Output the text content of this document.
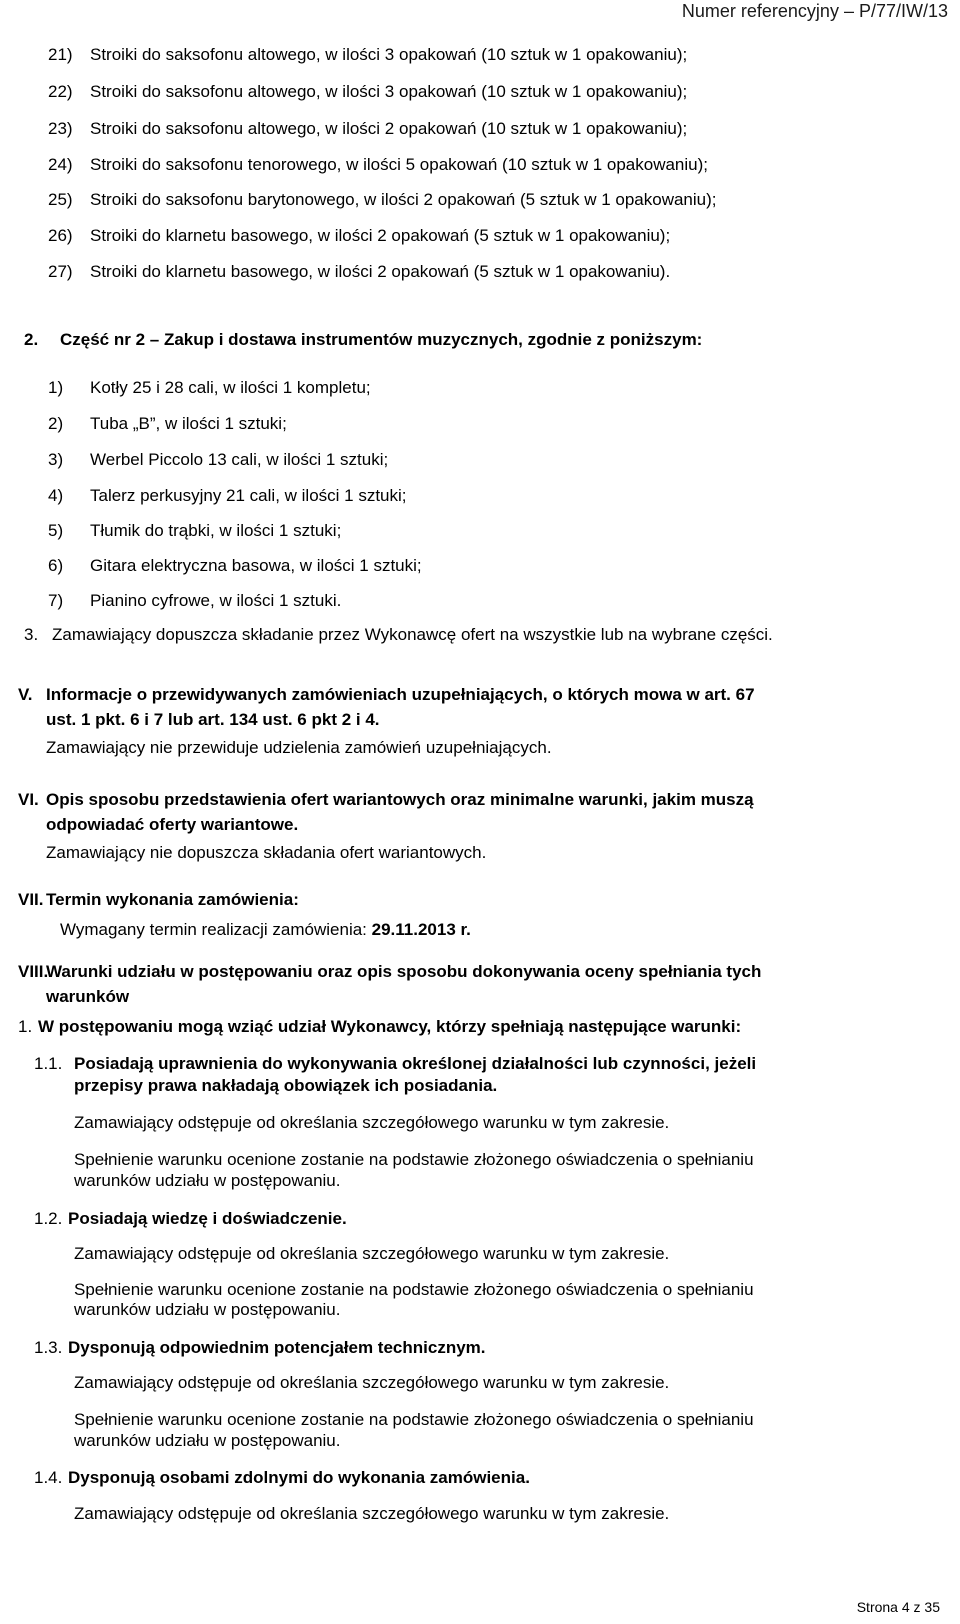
Numer referencyjny – P/77/IW/13
21) Stroiki do saksofonu altowego, w ilości 3 opakowań (10 sztuk w 1 opakowaniu);
22) Stroiki do saksofonu altowego, w ilości 3 opakowań (10 sztuk w 1 opakowaniu);
23) Stroiki do saksofonu altowego, w ilości 2 opakowań (10 sztuk w 1 opakowaniu);
24) Stroiki do saksofonu tenorowego, w ilości 5 opakowań (10 sztuk w 1 opakowaniu);
25) Stroiki do saksofonu barytonowego, w ilości 2 opakowań (5 sztuk w 1 opakowaniu);
26) Stroiki do klarnetu basowego, w ilości 2 opakowań (5 sztuk w 1 opakowaniu);
27) Stroiki do klarnetu basowego, w ilości 2 opakowań (5 sztuk w 1 opakowaniu).
2. Część nr 2 – Zakup i dostawa instrumentów muzycznych, zgodnie z poniższym:
1) Kotły 25 i 28 cali, w ilości 1 kompletu;
2) Tuba „B”, w ilości 1 sztuki;
3) Werbel Piccolo 13 cali, w ilości 1 sztuki;
4) Talerz perkusyjny 21 cali, w ilości 1 sztuki;
5) Tłumik do trąbki, w ilości 1 sztuki;
6) Gitara elektryczna basowa, w ilości 1 sztuki;
7) Pianino cyfrowe, w ilości 1 sztuki.
3. Zamawiający dopuszcza składanie przez Wykonawcę ofert na wszystkie lub na wybrane części.
V. Informacje o przewidywanych zamówieniach uzupełniających, o których mowa w art. 67
ust. 1 pkt. 6 i 7 lub art. 134 ust. 6 pkt 2 i 4.
Zamawiający nie przewiduje udzielenia zamówień uzupełniających.
VI. Opis sposobu przedstawienia ofert wariantowych oraz minimalne warunki, jakim muszą
odpowiadać oferty wariantowe.
Zamawiający nie dopuszcza składania ofert wariantowych.
VII. Termin wykonania zamówienia:
Wymagany termin realizacji zamówienia: 29.11.2013 r.
VIII.
Warunki udziału w postępowaniu oraz opis sposobu dokonywania oceny spełniania tych
warunków
1. W postępowaniu mogą wziąć udział Wykonawcy, którzy spełniają następujące warunki:
1.1. Posiadają uprawnienia do wykonywania określonej działalności lub czynności, jeżeli
przepisy prawa nakładają obowiązek ich posiadania.
Zamawiający odstępuje od określania szczegółowego warunku w tym zakresie.
Spełnienie warunku ocenione zostanie na podstawie złożonego oświadczenia o spełnianiu
warunków udziału w postępowaniu.
1.2. Posiadają wiedzę i doświadczenie.
Zamawiający odstępuje od określania szczegółowego warunku w tym zakresie.
Spełnienie warunku ocenione zostanie na podstawie złożonego oświadczenia o spełnianiu
warunków udziału w postępowaniu.
1.3. Dysponują odpowiednim potencjałem technicznym.
Zamawiający odstępuje od określania szczegółowego warunku w tym zakresie.
Spełnienie warunku ocenione zostanie na podstawie złożonego oświadczenia o spełnianiu
warunków udziału w postępowaniu.
1.4. Dysponują osobami zdolnymi do wykonania zamówienia.
Zamawiający odstępuje od określania szczegółowego warunku w tym zakresie.
Strona 4 z 35
